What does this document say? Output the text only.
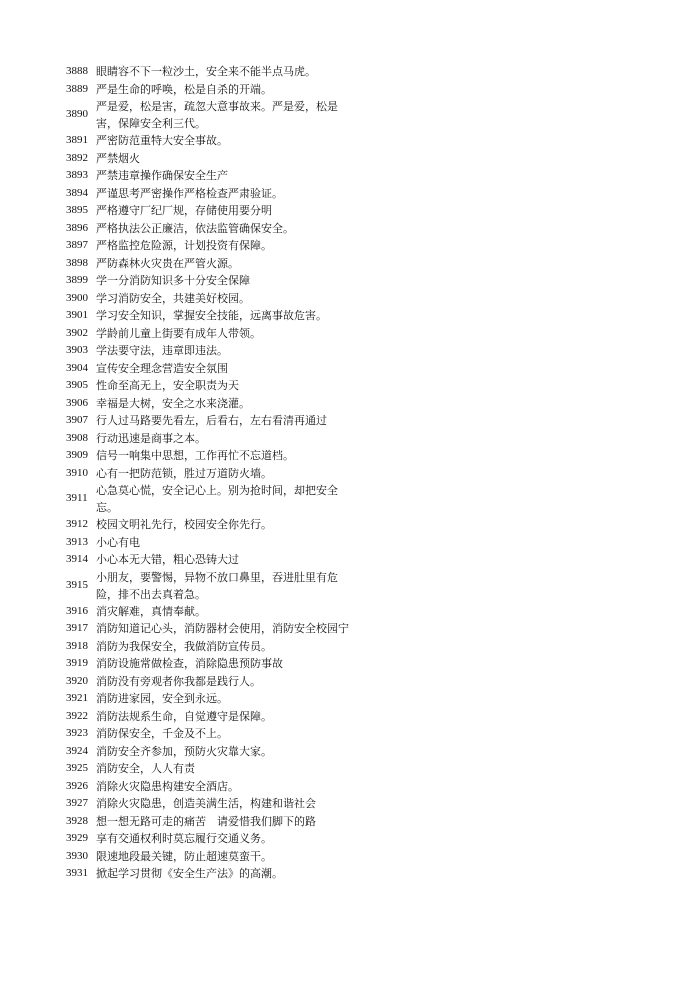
3888 眼睛容不下一粒沙土，安全来不能半点马虎。
3889 严是生命的呼唤，松是自杀的开端。
3890
严是爱，松是害，疏忽大意事故来。严是爱，松是害，保障安全利三代。
3891 严密防范重特大安全事故。
3892 严禁烟火
3893 严禁违章操作确保安全生产
3894 严谨思考严密操作严格检查严肃验证。
3895 严格遵守厂纪厂规，存储使用要分明
3896 严格执法公正廉洁，依法监管确保安全。
3897 严格监控危险源，计划投资有保障。
3898 严防森林火灾贵在严管火源。
3899 学一分消防知识多十分安全保障
3900 学习消防安全，共建美好校园。
3901 学习安全知识，掌握安全技能，远离事故危害。
3902 学龄前儿童上街要有成年人带领。
3903 学法要守法，违章即违法。
3904 宣传安全理念营造安全氛围
3905 性命至高无上，安全职责为天
3906 幸福是大树，安全之水来浇灌。
3907 行人过马路要先看左，后看右，左右看清再通过
3908 行动迅速是商事之本。
3909 信号一响集中思想，工作再忙不忘道档。
3910 心有一把防范锁，胜过万道防火墙。
3911
心急莫心慌，安全记心上。别为抢时间，却把安全忘。
3912 校园文明礼先行，校园安全你先行。
3913 小心有电
3914 小心本无大错，粗心恐铸大过
3915
小朋友，要警惕，异物不放口鼻里，吞进肚里有危险，排不出去真着急。
3916 消灾解难，真情奉献。
3917 消防知道记心头，消防器材会使用，消防安全校园宁
3918 消防为我保安全，我做消防宣传员。
3919 消防设施常做检查，消除隐患预防事故
3920 消防没有旁观者你我都是践行人。
3921 消防进家园，安全到永远。
3922 消防法规系生命，自觉遵守是保障。
3923 消防保安全，千金及不上。
3924 消防安全齐参加，预防火灾靠大家。
3925 消防安全，人人有责
3926 消除火灾隐患构建安全酒店。
3927 消除火灾隐患，创造美满生活，构建和谐社会
3928 想一想无路可走的痛苦　请爱惜我们脚下的路
3929 享有交通权利时莫忘履行交通义务。
3930 限速地段最关键，防止超速莫蛮干。
3931 掀起学习贯彻《安全生产法》的高潮。
